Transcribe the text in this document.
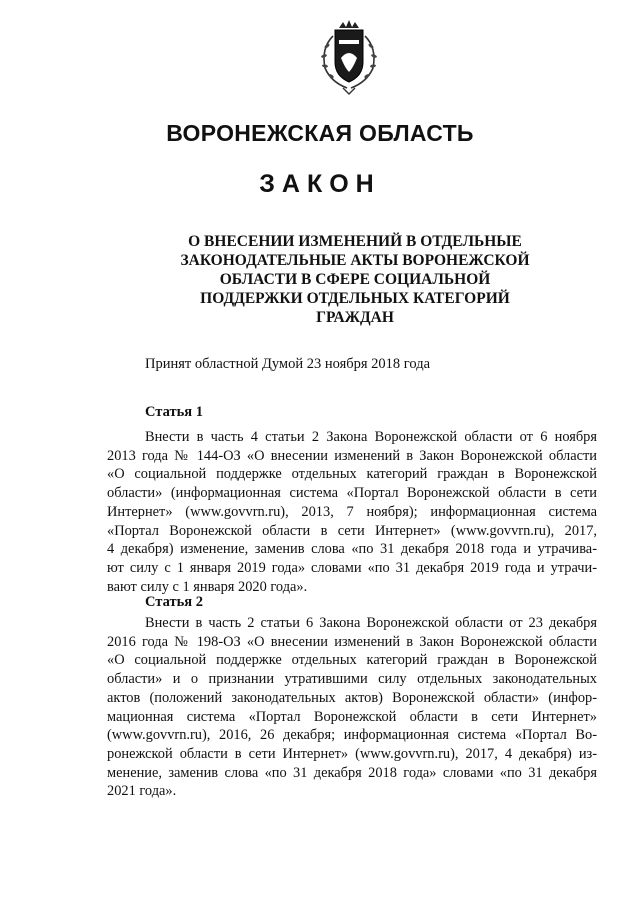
ВОРОНЕЖСКАЯ ОБЛАСТЬ
ЗАКОН
О ВНЕСЕНИИ ИЗМЕНЕНИЙ В ОТДЕЛЬНЫЕ
ЗАКОНОДАТЕЛЬНЫЕ АКТЫ ВОРОНЕЖСКОЙ
ОБЛАСТИ В СФЕРЕ СОЦИАЛЬНОЙ
ПОДДЕРЖКИ ОТДЕЛЬНЫХ КАТЕГОРИЙ
ГРАЖДАН
Принят областной Думой 23 ноября 2018 года
Статья 1
Внести в часть 4 статьи 2 Закона Воронежской области от 6 ноября
2013 года № 144-ОЗ «О внесении изменений в Закон Воронежской области
«О социальной поддержке отдельных категорий граждан в Воронежской
области» (информационная система «Портал Воронежской области в сети
Интернет» (www.govvrn.ru), 2013, 7 ноября); информационная система
«Портал Воронежской области в сети Интернет» (www.govvrn.ru), 2017,
4 декабря) изменение, заменив слова «по 31 декабря 2018 года и утрачива-
ют силу с 1 января 2019 года» словами «по 31 декабря 2019 года и утрачи-
вают силу с 1 января 2020 года».
Статья 2
Внести в часть 2 статьи 6 Закона Воронежской области от 23 декабря
2016 года № 198-ОЗ «О внесении изменений в Закон Воронежской области
«О социальной поддержке отдельных категорий граждан в Воронежской
области» и о признании утратившими силу отдельных законодательных
актов (положений законодательных актов) Воронежской области» (инфор-
мационная система «Портал Воронежской области в сети Интернет»
(www.govvrn.ru), 2016, 26 декабря; информационная система «Портал Во-
ронежской области в сети Интернет» (www.govvrn.ru), 2017, 4 декабря) из-
менение, заменив слова «по 31 декабря 2018 года» словами «по 31 декабря
2021 года».
